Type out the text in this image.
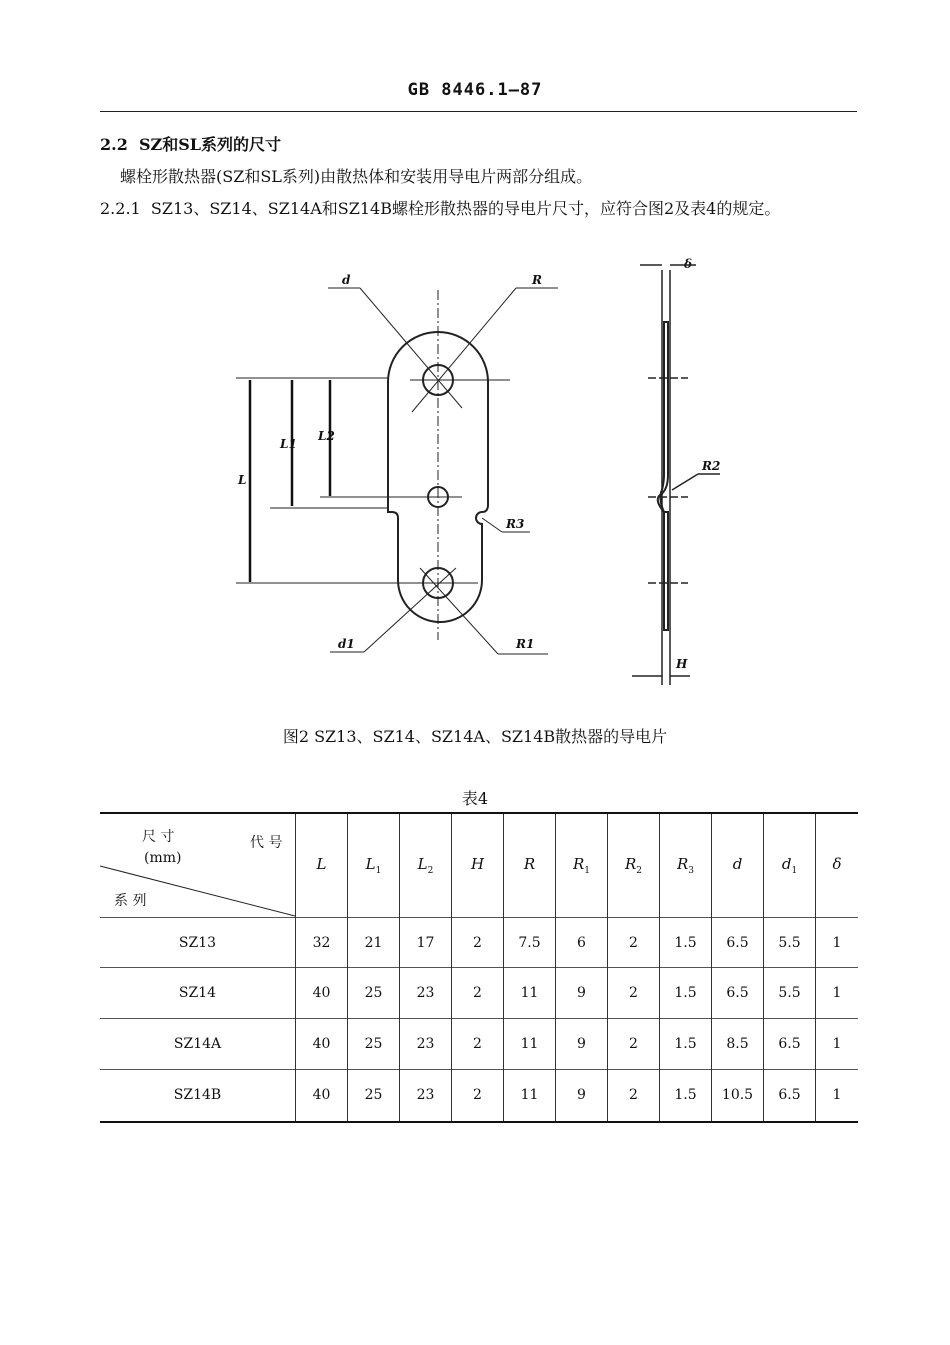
GB 8446.1—87
2.2 SZ和SL系列的尺寸
螺栓形散热器(SZ和SL系列)由散热体和安装用导电片两部分组成。
2.2.1 SZ13、SZ14、SZ14A和SZ14B螺栓形散热器的导电片尺寸，应符合图2及表4的规定。
d	R
L
L1
L2
R3
d1	R1
δ
R2
H
图2 SZ13、SZ14、SZ14A、SZ14B散热器的导电片
表4
尺 寸
(mm)
代 号
系 列	L	$L_1$	$L_2$	H	R	$R_1$	$R_2$	$R_3$	d	$d_1$	δ
SZ13	32	21	17	2	7.5	6	2	1.5	6.5	5.5	1
SZ14	40	25	23	2	11	9	2	1.5	6.5	5.5	1
SZ14A	40	25	23	2	11	9	2	1.5	8.5	6.5	1
SZ14B	40	25	23	2	11	9	2	1.5	10.5	6.5	1
